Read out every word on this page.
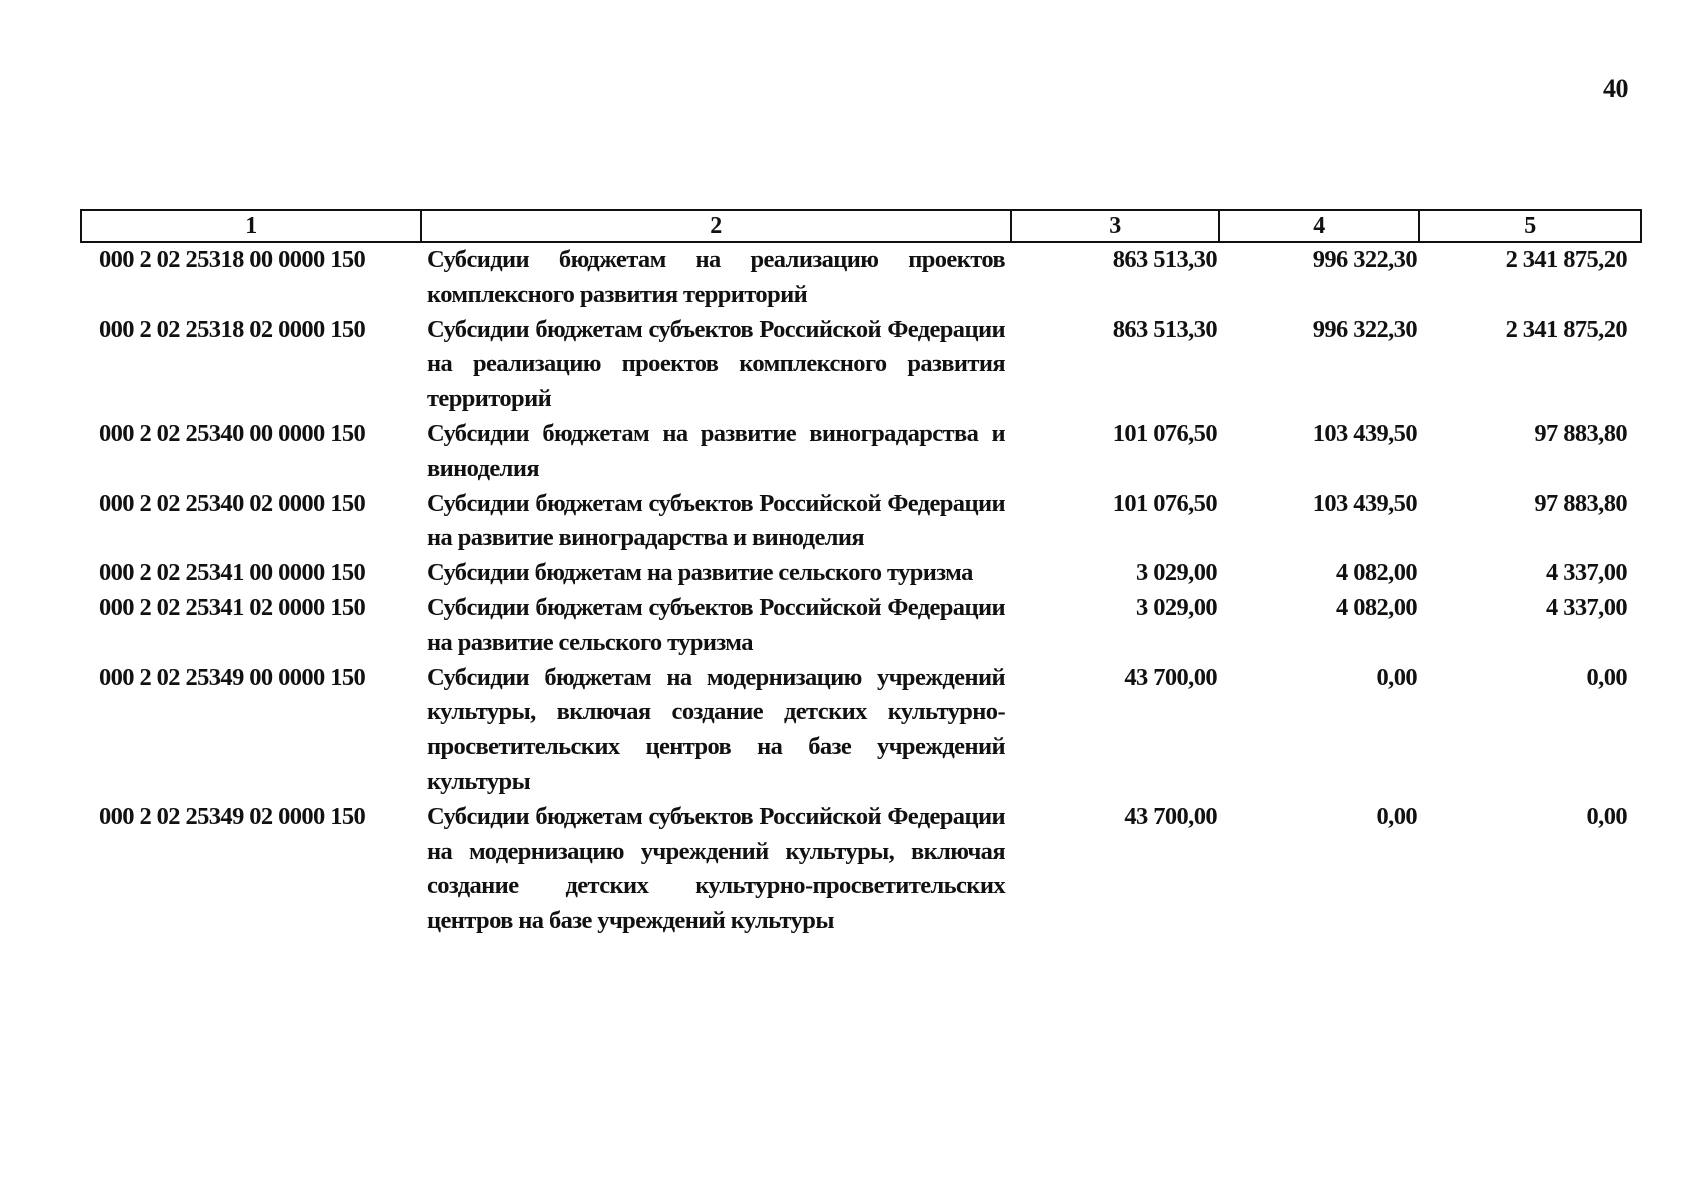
40
1	2	3	4	5
000 2 02 25318 00 0000 150	Субсидии бюджетам на реализацию проектов комплексного развития территорий	863 513,30	996 322,30	2 341 875,20
000 2 02 25318 02 0000 150	Субсидии бюджетам субъектов Российской Федерации на реализацию проектов комплексного развития территорий	863 513,30	996 322,30	2 341 875,20
000 2 02 25340 00 0000 150	Субсидии бюджетам на развитие виноградарства и виноделия	101 076,50	103 439,50	97 883,80
000 2 02 25340 02 0000 150	Субсидии бюджетам субъектов Российской Федерации на развитие виноградарства и виноделия	101 076,50	103 439,50	97 883,80
000 2 02 25341 00 0000 150	Субсидии бюджетам на развитие сельского туризма	3 029,00	4 082,00	4 337,00
000 2 02 25341 02 0000 150	Субсидии бюджетам субъектов Российской Федерации на развитие сельского туризма	3 029,00	4 082,00	4 337,00
000 2 02 25349 00 0000 150	Субсидии бюджетам на модернизацию учреждений культуры, включая создание детских культурно-просветительских центров на базе учреждений культуры	43 700,00	0,00	0,00
000 2 02 25349 02 0000 150	Субсидии бюджетам субъектов Российской Федерации на модернизацию учреждений культуры, включая создание детских культурно-просветительских центров на базе учреждений культуры	43 700,00	0,00	0,00
